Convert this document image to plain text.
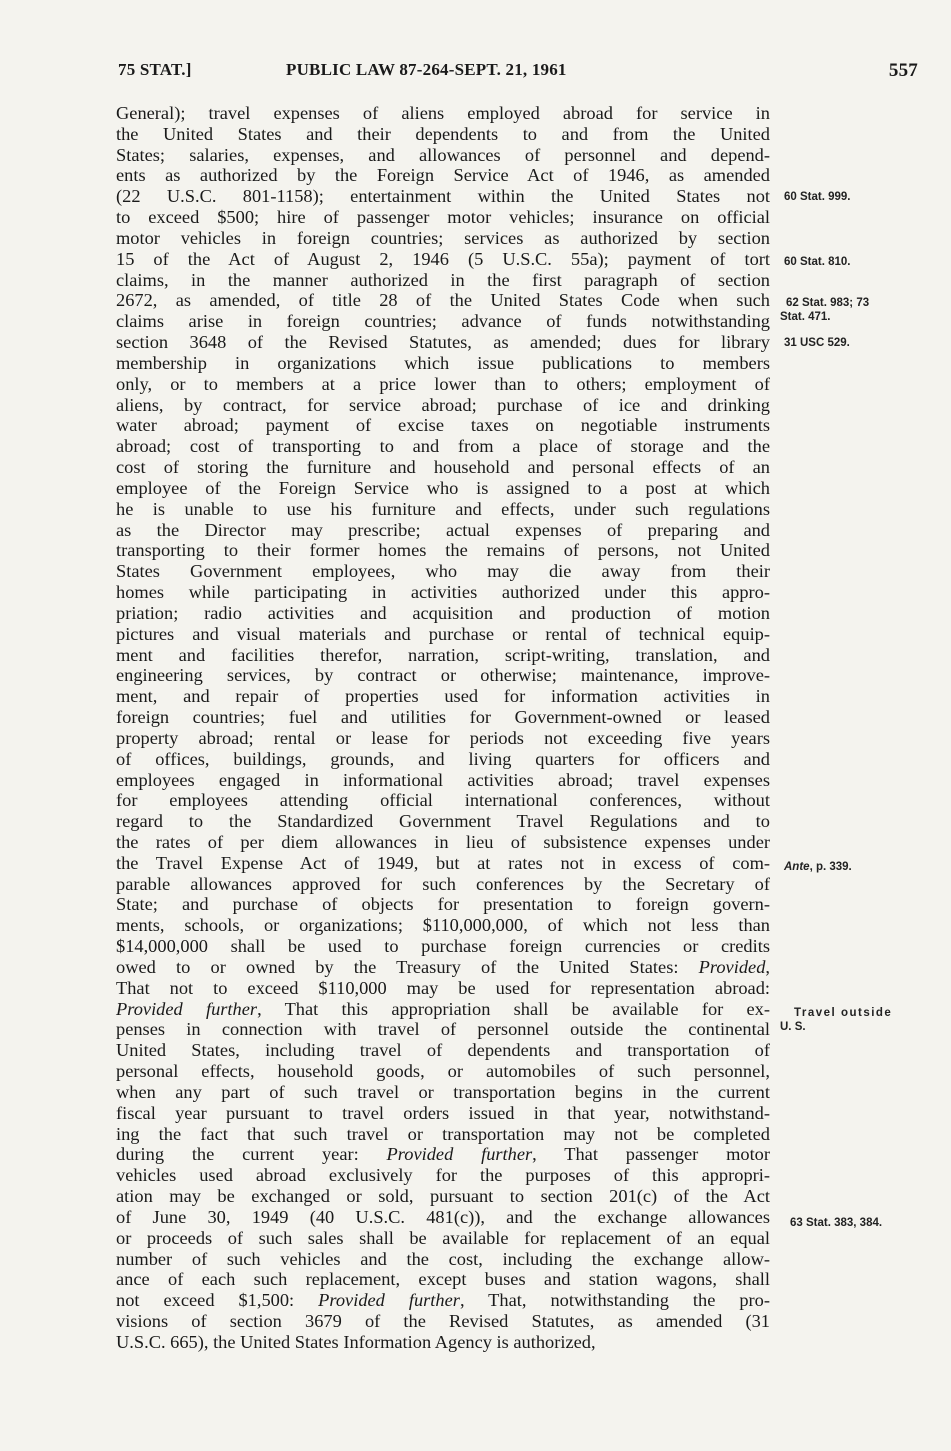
75 STAT.]	PUBLIC LAW 87-264-SEPT. 21, 1961	557
General); travel expenses of aliens employed abroad for service in
the United States and their dependents to and from the United
States; salaries, expenses, and allowances of personnel and depend-
ents as authorized by the Foreign Service Act of 1946, as amended
(22 U.S.C. 801-1158); entertainment within the United States not
to exceed $500; hire of passenger motor vehicles; insurance on official
motor vehicles in foreign countries; services as authorized by section
15 of the Act of August 2, 1946 (5 U.S.C. 55a); payment of tort
claims, in the manner authorized in the first paragraph of section
2672, as amended, of title 28 of the United States Code when such
claims arise in foreign countries; advance of funds notwithstanding
section 3648 of the Revised Statutes, as amended; dues for library
membership in organizations which issue publications to members
only, or to members at a price lower than to others; employment of
aliens, by contract, for service abroad; purchase of ice and drinking
water abroad; payment of excise taxes on negotiable instruments
abroad; cost of transporting to and from a place of storage and the
cost of storing the furniture and household and personal effects of an
employee of the Foreign Service who is assigned to a post at which
he is unable to use his furniture and effects, under such regulations
as the Director may prescribe; actual expenses of preparing and
transporting to their former homes the remains of persons, not United
States Government employees, who may die away from their
homes while participating in activities authorized under this appro-
priation; radio activities and acquisition and production of motion
pictures and visual materials and purchase or rental of technical equip-
ment and facilities therefor, narration, script-writing, translation, and
engineering services, by contract or otherwise; maintenance, improve-
ment, and repair of properties used for information activities in
foreign countries; fuel and utilities for Government-owned or leased
property abroad; rental or lease for periods not exceeding five years
of offices, buildings, grounds, and living quarters for officers and
employees engaged in informational activities abroad; travel expenses
for employees attending official international conferences, without
regard to the Standardized Government Travel Regulations and to
the rates of per diem allowances in lieu of subsistence expenses under
the Travel Expense Act of 1949, but at rates not in excess of com-
parable allowances approved for such conferences by the Secretary of
State; and purchase of objects for presentation to foreign govern-
ments, schools, or organizations; $110,000,000, of which not less than
$14,000,000 shall be used to purchase foreign currencies or credits
owed to or owned by the Treasury of the United States: Provided,
That not to exceed $110,000 may be used for representation abroad:
Provided further, That this appropriation shall be available for ex-
penses in connection with travel of personnel outside the continental
United States, including travel of dependents and transportation of
personal effects, household goods, or automobiles of such personnel,
when any part of such travel or transportation begins in the current
fiscal year pursuant to travel orders issued in that year, notwithstand-
ing the fact that such travel or transportation may not be completed
during the current year: Provided further, That passenger motor
vehicles used abroad exclusively for the purposes of this appropri-
ation may be exchanged or sold, pursuant to section 201(c) of the Act
of June 30, 1949 (40 U.S.C. 481(c)), and the exchange allowances
or proceeds of such sales shall be available for replacement of an equal
number of such vehicles and the cost, including the exchange allow-
ance of each such replacement, except buses and station wagons, shall
not exceed $1,500: Provided further, That, notwithstanding the pro-
visions of section 3679 of the Revised Statutes, as amended (31
U.S.C. 665), the United States Information Agency is authorized,
60 Stat. 999.
60 Stat. 810.
62 Stat. 983; 73
Stat. 471.
31 USC 529.
Ante, p. 339.
Travel outside
U. S.
63 Stat. 383, 384.
